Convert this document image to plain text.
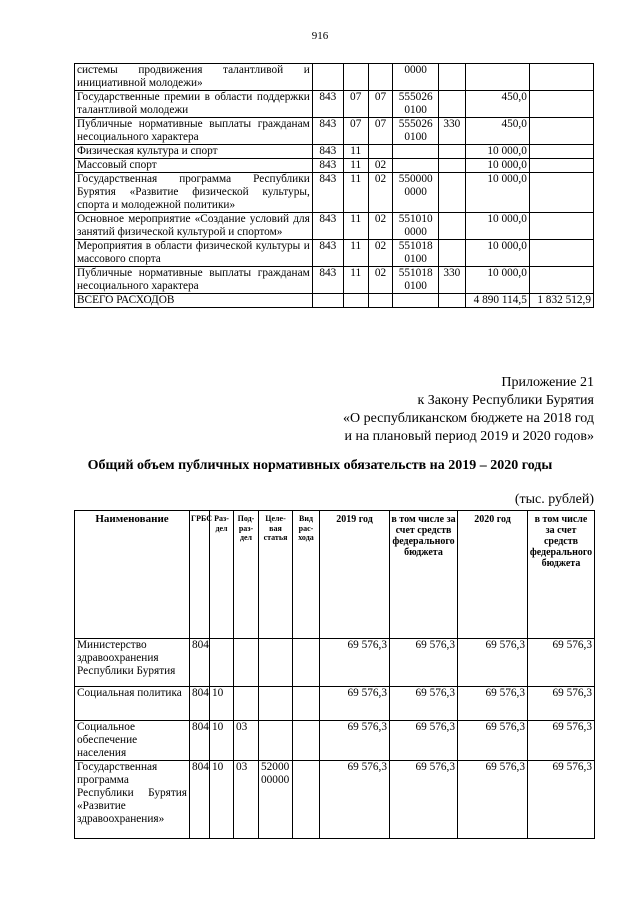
916
системы продвижения талантливой и инициативной молодежи»				0000			
Государственные премии в области поддержки талантливой молодежи	843	07	07	555026 0100		450,0	
Публичные нормативные выплаты гражданам несоциального характера	843	07	07	555026 0100	330	450,0	
Физическая культура и спорт	843	11				10 000,0	
Массовый спорт	843	11	02			10 000,0	
Государственная программа Республики Бурятия «Развитие физической культуры, спорта и молодежной политики»	843	11	02	550000 0000		10 000,0	
Основное мероприятие «Создание условий для занятий физической культурой и спортом»	843	11	02	551010 0000		10 000,0	
Мероприятия в области физической культуры и массового спорта	843	11	02	551018 0100		10 000,0	
Публичные нормативные выплаты гражданам несоциального характера	843	11	02	551018 0100	330	10 000,0	
ВСЕГО РАСХОДОВ						4 890 114,5	1 832 512,9
Приложение 21
к Закону Республики Бурятия
«О республиканском бюджете на 2018 год
и на плановый период 2019 и 2020 годов»
Общий объем публичных нормативных обязательств на 2019 – 2020 годы
(тыс. рублей)
Наименование	ГРБС	Раз-дел	Под-раз-дел	Целе-вая статья	Вид рас-хода	2019 год	в том числе за счет средств федерального бюджета	2020 год	в том числе за счет средств федерального бюджета
Министерство здравоохранения Республики Бурятия	804					69 576,3	69 576,3	69 576,3	69 576,3
Социальная политика	804	10				69 576,3	69 576,3	69 576,3	69 576,3
Социальное обеспечение населения	804	10	03			69 576,3	69 576,3	69 576,3	69 576,3
Государственная программа Республики Бурятия «Развитие здравоохранения»	804	10	03	52000 00000		69 576,3	69 576,3	69 576,3	69 576,3
